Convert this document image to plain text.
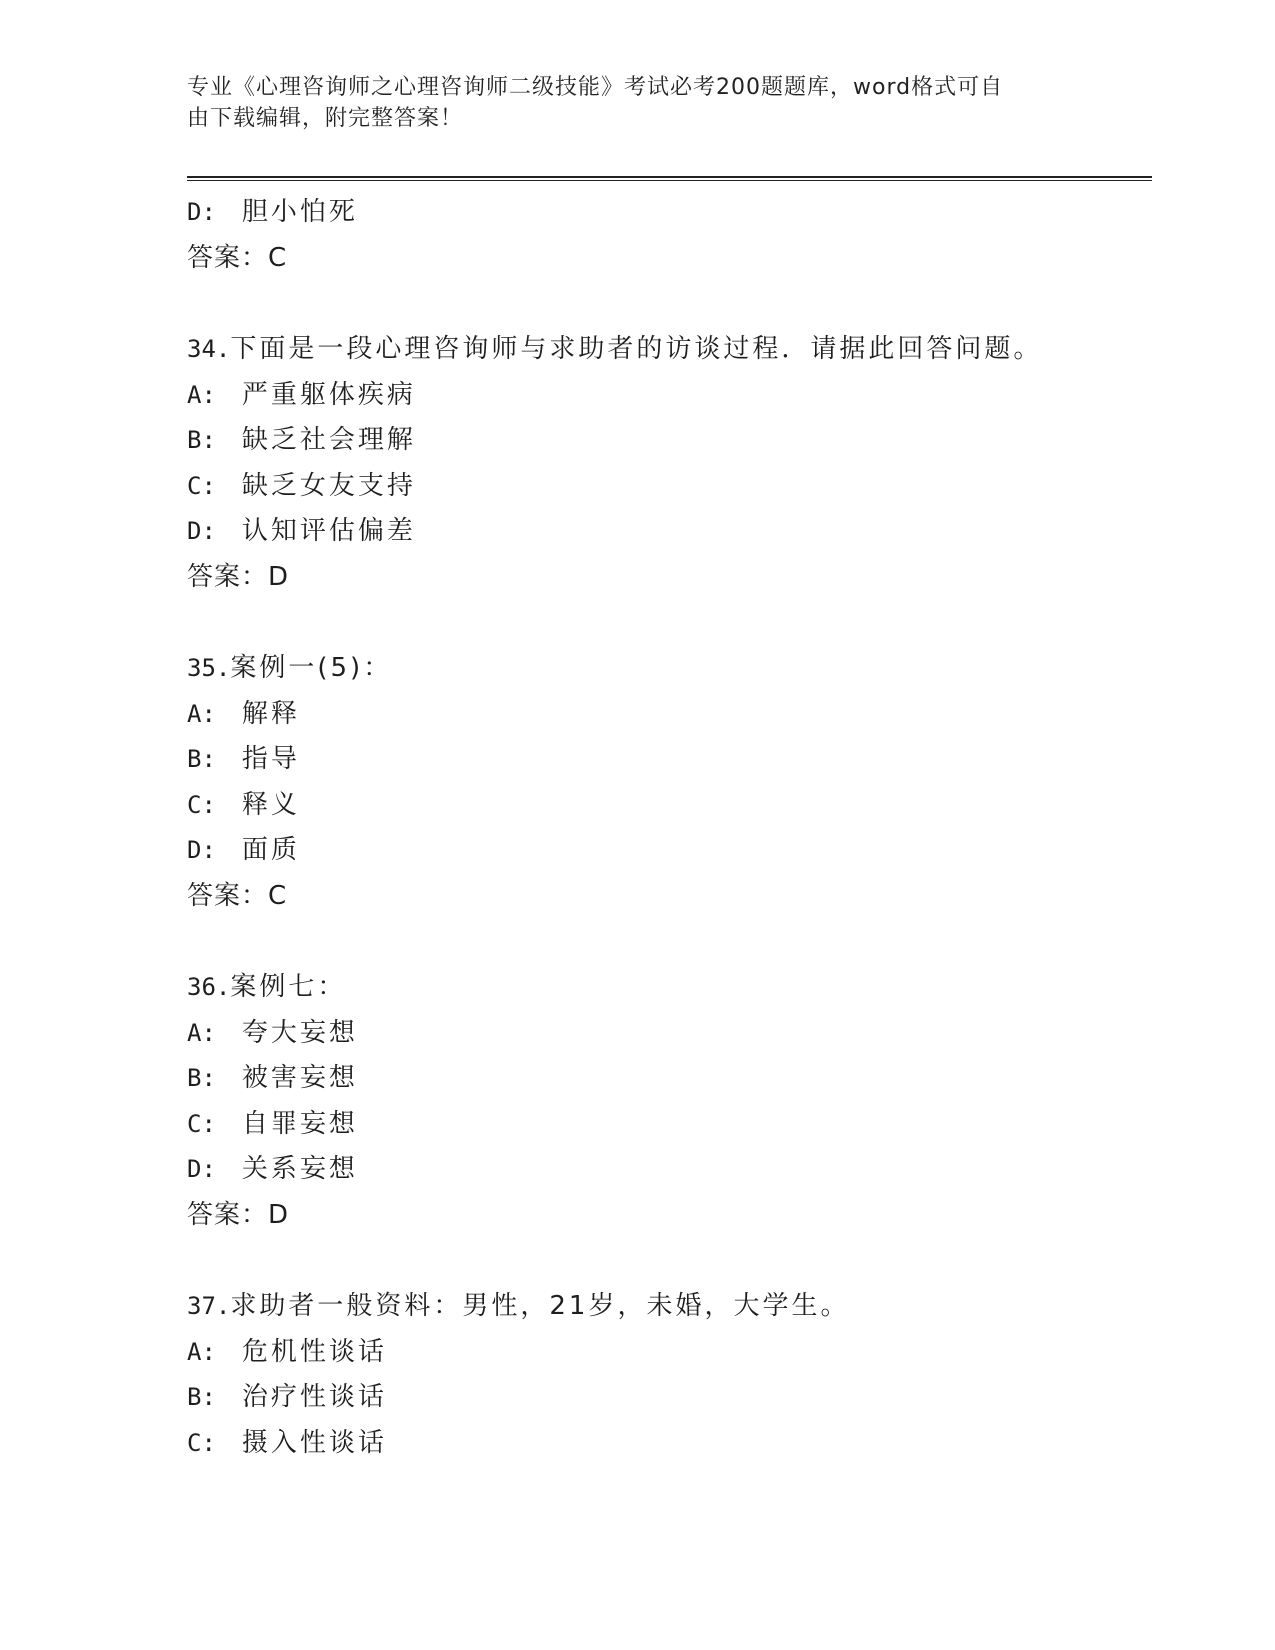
专业《心理咨询师之心理咨询师二级技能》考试必考200题题库，word格式可自
由下载编辑，附完整答案！
D: 胆小怕死
答案：C
34.下面是一段心理咨询师与求助者的访谈过程．请据此回答问题。
A: 严重躯体疾病
B: 缺乏社会理解
C: 缺乏女友支持
D: 认知评估偏差
答案：D
35.案例一(5)：
A: 解释
B: 指导
C: 释义
D: 面质
答案：C
36.案例七：
A: 夸大妄想
B: 被害妄想
C: 自罪妄想
D: 关系妄想
答案：D
37.求助者一般资料：男性，21岁，未婚，大学生。
A: 危机性谈话
B: 治疗性谈话
C: 摄入性谈话
